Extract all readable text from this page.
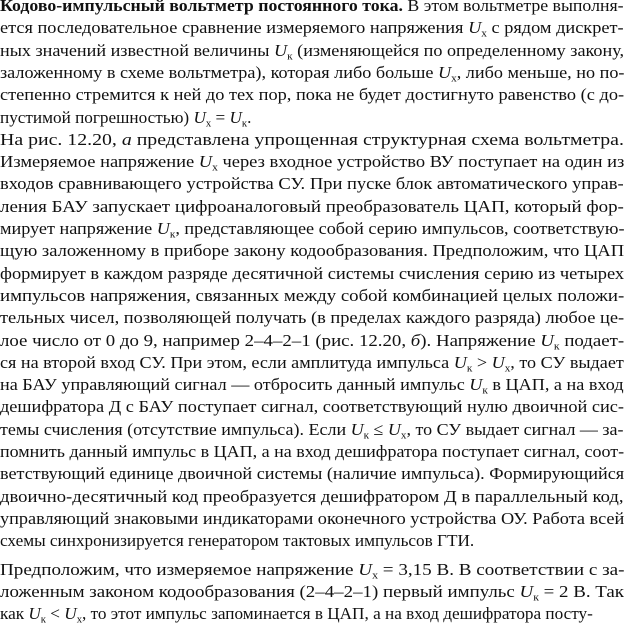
Кодово-импульсный вольтметр постоянного тока. В этом вольтметре выполня-
ется последовательное сравнение измеряемого напряжения $U_x$ с рядом дискрет-
ных значений известной величины $U_к$ (изменяющейся по определенному закону,
заложенному в схеме вольтметра), которая либо больше $U_x$, либо меньше, но по-
степенно стремится к ней до тех пор, пока не будет достигнуто равенство (с до-
пустимой погрешностью) $U_x = U_к$.
На рис. 12.20, а представлена упрощенная структурная схема вольтметра.
Измеряемое напряжение $U_x$ через входное устройство ВУ поступает на один из
входов сравнивающего устройства СУ. При пуске блок автоматического управ-
ления БАУ запускает цифроаналоговый преобразователь ЦАП, который фор-
мирует напряжение $U_к$, представляющее собой серию импульсов, соответствую-
щую заложенному в приборе закону кодообразования. Предположим, что ЦАП
формирует в каждом разряде десятичной системы счисления серию из четырех
импульсов напряжения, связанных между собой комбинацией целых положи-
тельных чисел, позволяющей получать (в пределах каждого разряда) любое це-
лое число от 0 до 9, например 2–4–2–1 (рис. 12.20, б). Напряжение $U_к$ подает-
ся на второй вход СУ. При этом, если амплитуда импульса $U_к > U_x$, то СУ выдает
на БАУ управляющий сигнал — отбросить данный импульс $U_к$ в ЦАП, а на вход
дешифратора Д с БАУ поступает сигнал, соответствующий нулю двоичной сис-
темы счисления (отсутствие импульса). Если $U_к \le U_x$, то СУ выдает сигнал — за-
помнить данный импульс в ЦАП, а на вход дешифратора поступает сигнал, соот-
ветствующий единице двоичной системы (наличие импульса). Формирующийся
двоично-десятичный код преобразуется дешифратором Д в параллельный код,
управляющий знаковыми индикаторами оконечного устройства ОУ. Работа всей
схемы синхронизируется генератором тактовых импульсов ГТИ.
Предположим, что измеряемое напряжение $U_x = 3,15$ В. В соответствии с за-
ложенным законом кодообразования (2–4–2–1) первый импульс $U_к = 2$ В. Так
как $U_к < U_x$, то этот импульс запоминается в ЦАП, а на вход дешифратора посту-
